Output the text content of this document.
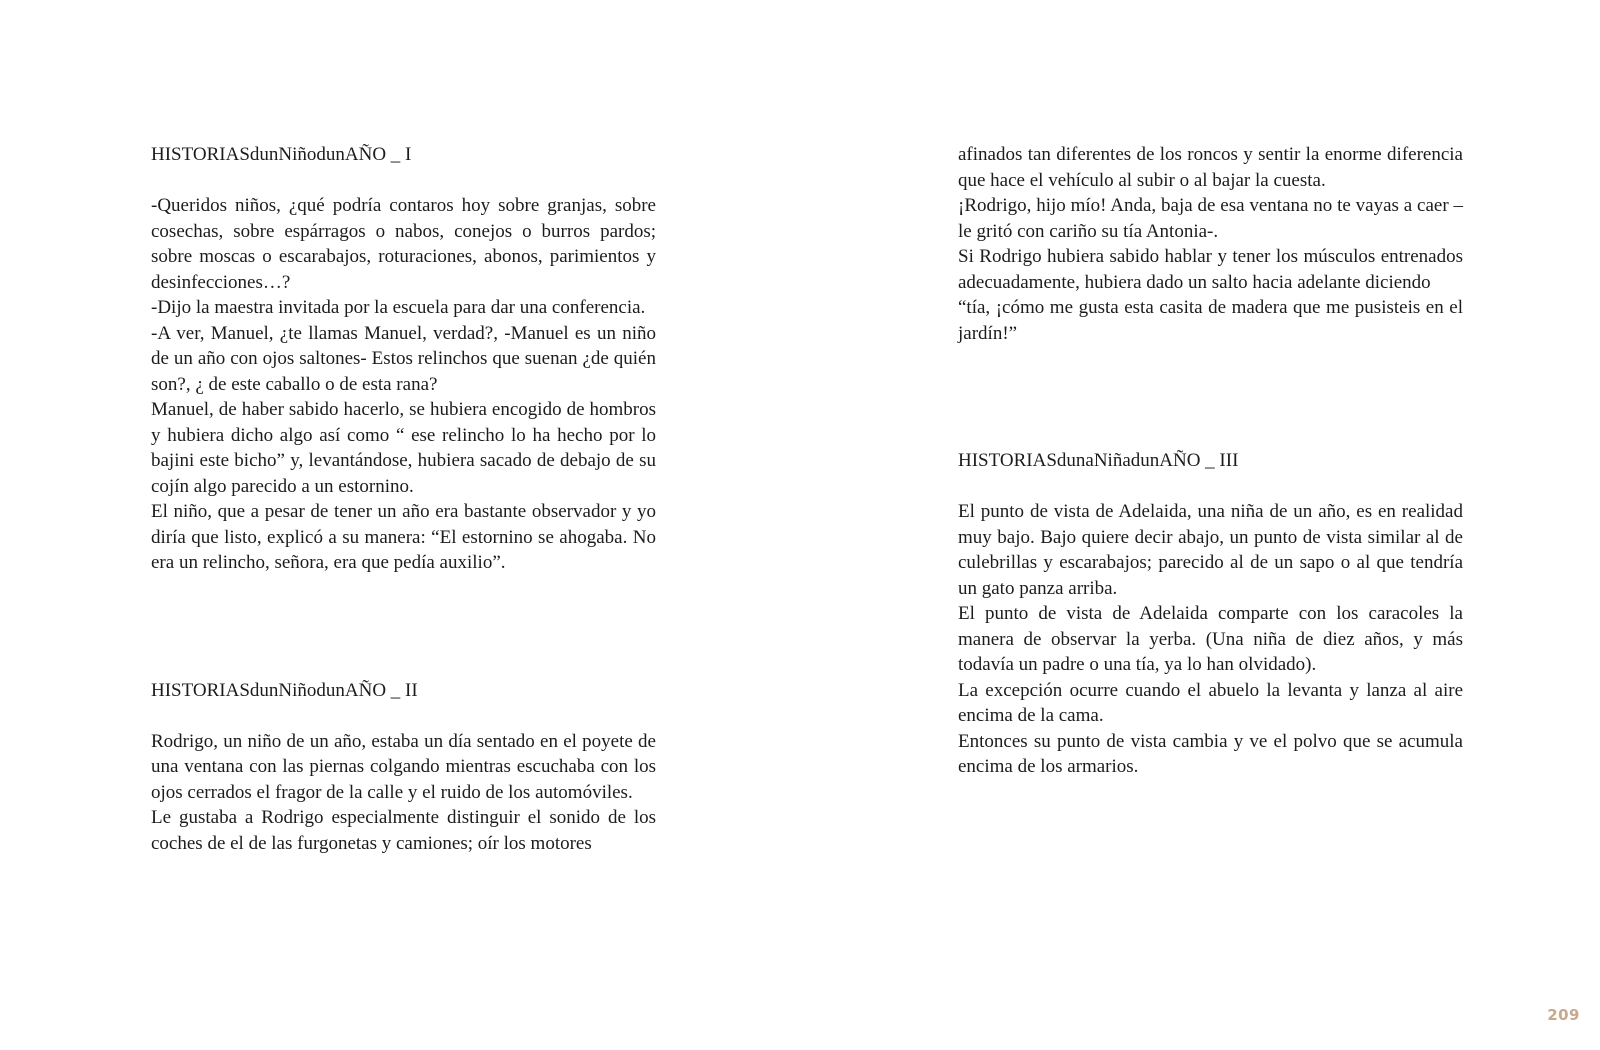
HISTORIASdunNiñodunAÑO _ I

-Queridos niños, ¿qué podría contaros hoy sobre granjas, sobre cosechas, sobre espárragos o nabos, conejos o burros pardos; sobre moscas o escarabajos, roturaciones, abonos, parimientos y desinfecciones…?

-Dijo la maestra invitada por la escuela para dar una conferencia.

-A ver, Manuel, ¿te llamas Manuel, verdad?, -Manuel es un niño de un año con ojos saltones- Estos relinchos que suenan ¿de quién son?, ¿ de este caballo o de esta rana?

Manuel, de haber sabido hacerlo, se hubiera encogido de hombros y hubiera dicho algo así como “ ese relincho lo ha hecho por lo bajini este bicho” y, levantándose, hubiera sacado de debajo de su cojín algo parecido a un estornino.

El niño, que a pesar de tener un año era bastante observador y yo diría que listo, explicó a su manera: “El estornino se ahogaba. No era un relincho, señora, era que pedía auxilio”.

HISTORIASdunNiñodunAÑO _ II

Rodrigo, un niño de un año, estaba un día sentado en el poyete de una ventana con las piernas colgando mientras escuchaba con los ojos cerrados el fragor de la calle y el ruido de los automóviles.

Le gustaba a Rodrigo especialmente distinguir el sonido de los coches de el de las furgonetas y camiones; oír los motores

afinados tan diferentes de los roncos y sentir la enorme diferencia que hace el vehículo al subir o al bajar la cuesta.

¡Rodrigo, hijo mío! Anda, baja de esa ventana no te vayas a caer –le gritó con cariño su tía Antonia-.

Si Rodrigo hubiera sabido hablar y tener los músculos entrenados adecuadamente, hubiera dado un salto hacia adelante diciendo

“tía, ¡cómo me gusta esta casita de madera que me pusisteis en el jardín!”

HISTORIASdunaNiñadunAÑO _ III

El punto de vista de Adelaida, una niña de un año, es en realidad muy bajo. Bajo quiere decir abajo, un punto de vista similar al de culebrillas y escarabajos; parecido al de un sapo o al que tendría un gato panza arriba.

El punto de vista de Adelaida comparte con los caracoles la manera de observar la yerba. (Una niña de diez años, y más todavía un padre o una tía, ya lo han olvidado).

La excepción ocurre cuando el abuelo la levanta y lanza al aire encima de la cama.

Entonces su punto de vista cambia y ve el polvo que se acumula encima de los armarios.

209
